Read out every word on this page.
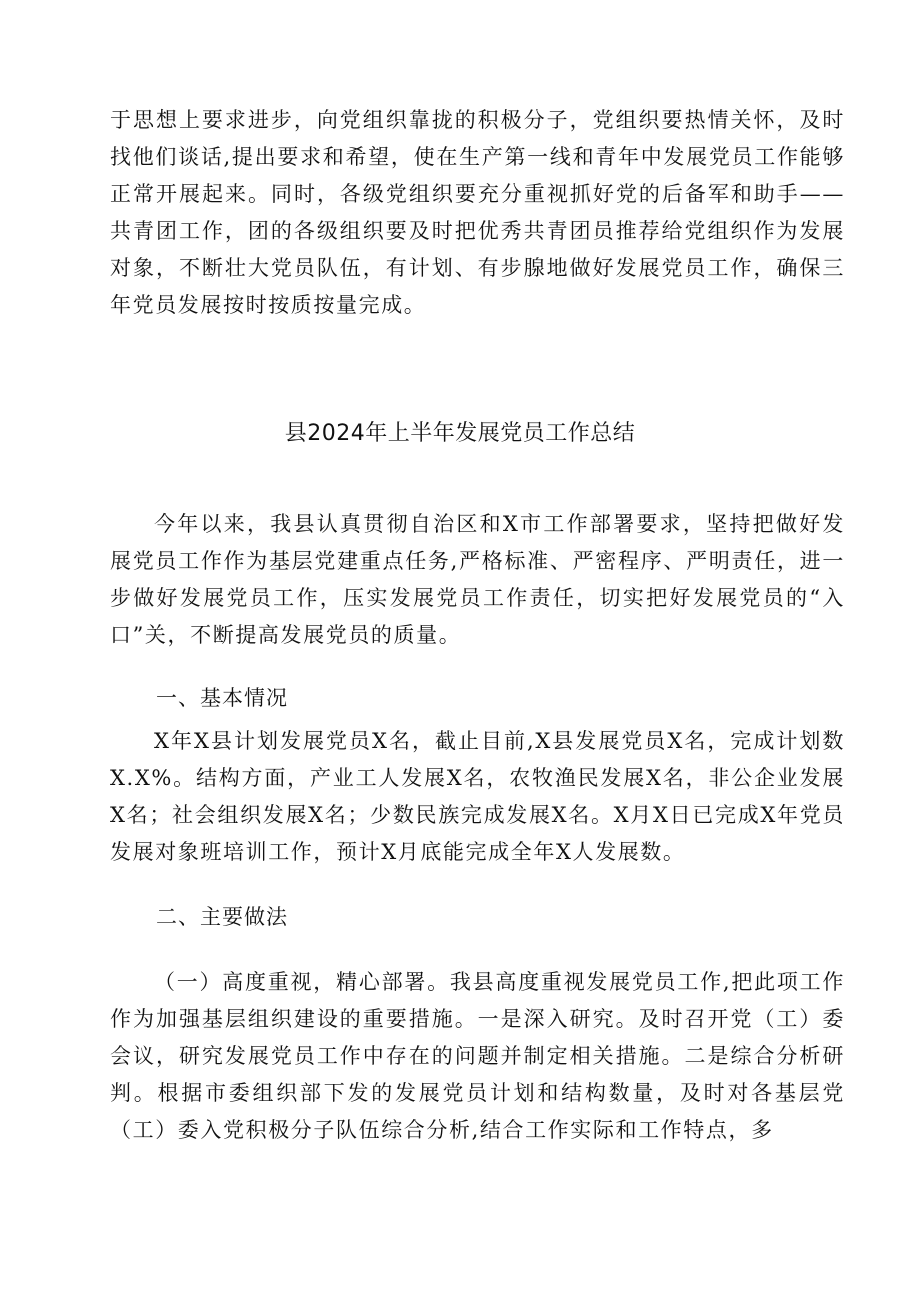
于思想上要求进步，向党组织靠拢的积极分子，党组织要热情关怀，及时找他们谈话,提出要求和希望，使在生产第一线和青年中发展党员工作能够正常开展起来。同时，各级党组织要充分重视抓好党的后备军和助手——共青团工作，团的各级组织要及时把优秀共青团员推荐给党组织作为发展对象，不断壮大党员队伍，有计划、有步腺地做好发展党员工作，确保三年党员发展按时按质按量完成。

县2024年上半年发展党员工作总结

今年以来，我县认真贯彻自治区和X市工作部署要求，坚持把做好发展党员工作作为基层党建重点任务,严格标准、严密程序、严明责任，进一步做好发展党员工作，压实发展党员工作责任，切实把好发展党员的“入口”关，不断提高发展党员的质量。

一、基本情况

X年X县计划发展党员X名，截止目前,X县发展党员X名，完成计划数X.X%。结构方面，产业工人发展X名，农牧渔民发展X名，非公企业发展X名；社会组织发展X名；少数民族完成发展X名。X月X日已完成X年党员发展对象班培训工作，预计X月底能完成全年X人发展数。

二、主要做法

（一）高度重视，精心部署。我县高度重视发展党员工作,把此项工作作为加强基层组织建设的重要措施。一是深入研究。及时召开党（工）委会议，研究发展党员工作中存在的问题并制定相关措施。二是综合分析研判。根据市委组织部下发的发展党员计划和结构数量，及时对各基层党（工）委入党积极分子队伍综合分析,结合工作实际和工作特点，多
